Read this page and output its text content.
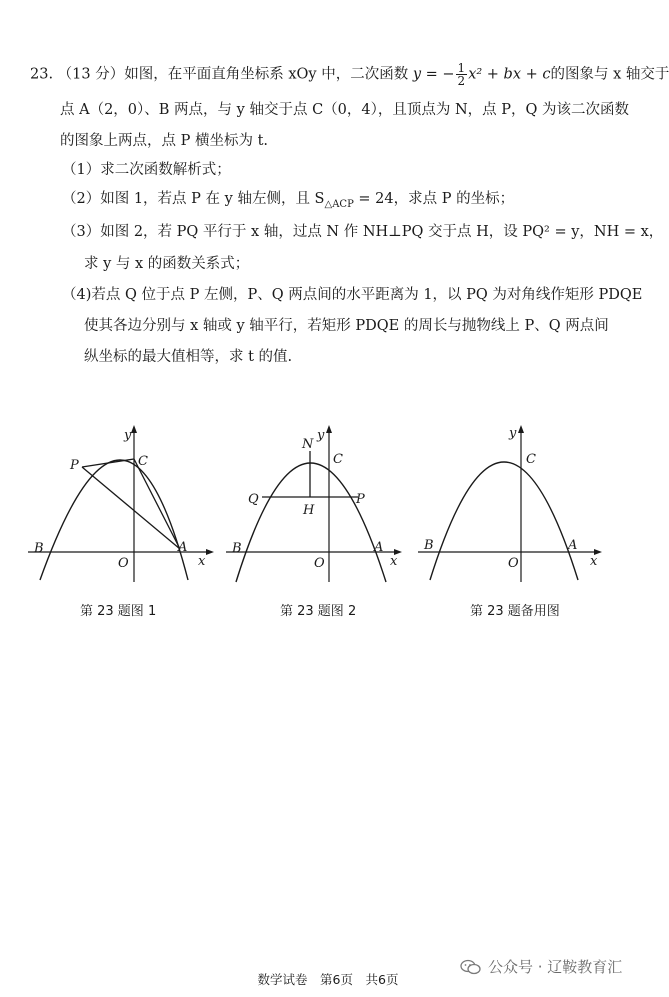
23. （13 分）如图，在平面直角坐标系 xOy 中，二次函数 y = − $\frac{1}{2} x^2$ + bx + c的图象与 x 轴交于
点 A（2，0）、B 两点，与 y 轴交于点 C（0，4），且顶点为 N，点 P，Q 为该二次函数
的图象上两点，点 P 横坐标为 t.
（1）求二次函数解析式；
（2）如图 1，若点 P 在 y 轴左侧，且 $S_{\triangle ACP} = 24$，求点 P 的坐标；
（3）如图 2，若 PQ 平行于 x 轴，过点 N 作 NH⊥PQ 交于点 H，设 PQ² = y，NH = x，
求 y 与 x 的函数关系式；
（4)若点 Q 位于点 P 左侧，P、Q 两点间的水平距离为 1，以 PQ 为对角线作矩形 PDQE
使其各边分别与 x 轴或 y 轴平行，若矩形 PDQE 的周长与抛物线上 P、Q 两点间
纵坐标的最大值相等，求 t 的值.
y
x
P	C
B
O
A
第 23 题图 1
y
x
N
C
Q	P
H
B
O
A
第 23 题图 2
y
x
C
B
O
A
第 23 题备用图
公众号 · 辽鞍教育汇
数学试卷　第6页　共6页
